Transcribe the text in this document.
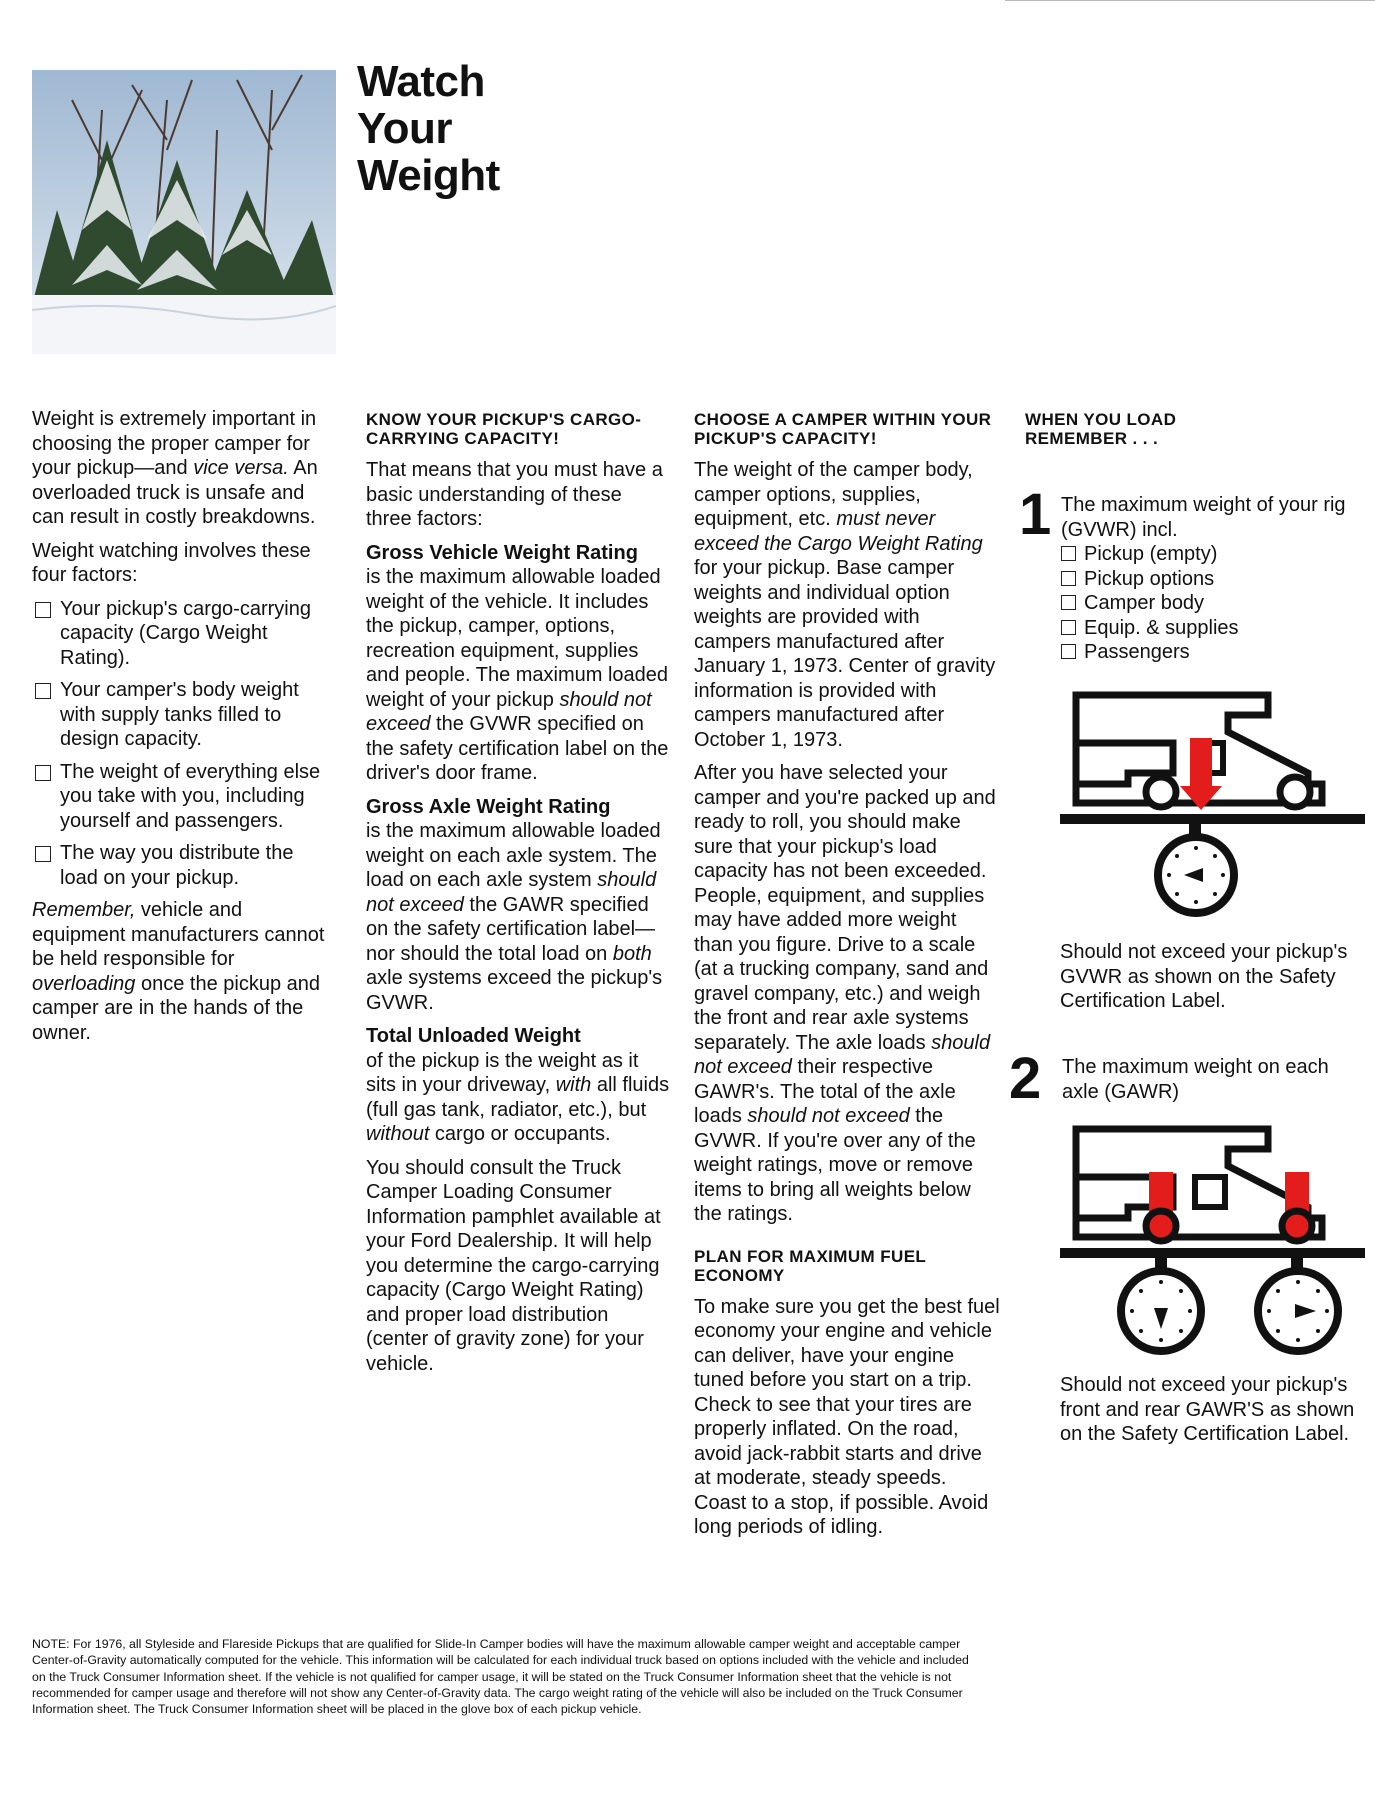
Watch
Your
Weight

Weight is extremely important in choosing the proper camper for your pickup—and vice versa. An overloaded truck is unsafe and can result in costly breakdowns.

Weight watching involves these four factors:

Your pickup's cargo-carrying capacity (Cargo Weight Rating).
Your camper's body weight with supply tanks filled to design capacity.
The weight of everything else you take with you, including yourself and passengers.
The way you distribute the load on your pickup.

Remember, vehicle and equipment manufacturers cannot be held responsible for overloading once the pickup and camper are in the hands of the owner.

KNOW YOUR PICKUP'S CARGO-CARRYING CAPACITY!

That means that you must have a basic understanding of these three factors:

Gross Vehicle Weight Rating
is the maximum allowable loaded weight of the vehicle. It includes the pickup, camper, options, recreation equipment, supplies and people. The maximum loaded weight of your pickup should not exceed the GVWR specified on the safety certification label on the driver's door frame.

Gross Axle Weight Rating
is the maximum allowable loaded weight on each axle system. The load on each axle system should not exceed the GAWR specified on the safety certification label— nor should the total load on both axle systems exceed the pickup's GVWR.

Total Unloaded Weight
of the pickup is the weight as it sits in your driveway, with all fluids (full gas tank, radiator, etc.), but without cargo or occupants.

You should consult the Truck Camper Loading Consumer Information pamphlet available at your Ford Dealership. It will help you determine the cargo-carrying capacity (Cargo Weight Rating) and proper load distribution (center of gravity zone) for your vehicle.

CHOOSE A CAMPER WITHIN YOUR PICKUP'S CAPACITY!

The weight of the camper body, camper options, supplies, equipment, etc. must never exceed the Cargo Weight Rating for your pickup. Base camper weights and individual option weights are provided with campers manufactured after January 1, 1973. Center of gravity information is provided with campers manufactured after October 1, 1973.

After you have selected your camper and you're packed up and ready to roll, you should make sure that your pickup's load capacity has not been exceeded. People, equipment, and supplies may have added more weight than you figure. Drive to a scale (at a trucking company, sand and gravel company, etc.) and weigh the front and rear axle systems separately. The axle loads should not exceed their respective GAWR's. The total of the axle loads should not exceed the GVWR. If you're over any of the weight ratings, move or remove items to bring all weights below the ratings.

PLAN FOR MAXIMUM FUEL ECONOMY

To make sure you get the best fuel economy your engine and vehicle can deliver, have your engine tuned before you start on a trip. Check to see that your tires are properly inflated. On the road, avoid jack-rabbit starts and drive at moderate, steady speeds. Coast to a stop, if possible. Avoid long periods of idling.

WHEN YOU LOAD REMEMBER . . .
1 The maximum weight of your rig (GVWR) incl.
Pickup (empty)
Pickup options
Camper body
Equip. & supplies
Passengers
Should not exceed your pickup's GVWR as shown on the Safety Certification Label.
2 The maximum weight on each axle (GAWR)
Should not exceed your pickup's front and rear GAWR'S as shown on the Safety Certification Label.
NOTE: For 1976, all Styleside and Flareside Pickups that are qualified for Slide-In Camper bodies will have the maximum allowable camper weight and acceptable camper Center-of-Gravity automatically computed for the vehicle. This information will be calculated for each individual truck based on options included with the vehicle and included on the Truck Consumer Information sheet. If the vehicle is not qualified for camper usage, it will be stated on the Truck Consumer Information sheet that the vehicle is not recommended for camper usage and therefore will not show any Center-of-Gravity data. The cargo weight rating of the vehicle will also be included on the Truck Consumer Information sheet. The Truck Consumer Information sheet will be placed in the glove box of each pickup vehicle.
